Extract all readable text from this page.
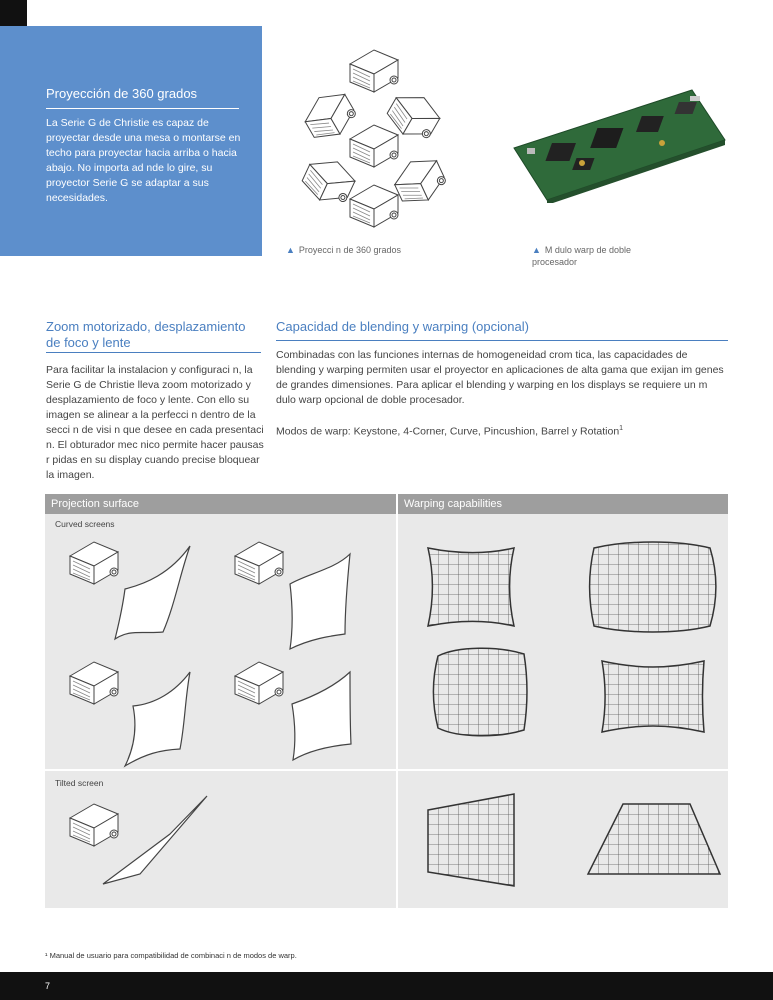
Proyección de 360 grados
La Serie G de Christie es capaz de proyectar desde una mesa o montarse en techo para proyectar hacia arriba o hacia abajo. No importa ad nde lo gire, su proyector Serie G se adaptar a sus necesidades.
▲ Proyecci n de 360 grados	▲ M dulo warp de doble procesador
Zoom motorizado, desplazamiento de foco y lente
Para facilitar la instalacion y configuraci n, la Serie G de Christie lleva zoom motorizado y desplazamiento de foco y lente. Con ello su imagen se alinear a la perfecci n dentro de la secci n de visi n que desee en cada presentaci n. El obturador mec nico permite hacer pausas r pidas en su display cuando precise bloquear la imagen.
Capacidad de blending y warping (opcional)
Combinadas con las funciones internas de homogeneidad crom tica, las capacidades de blending y warping permiten usar el proyector en aplicaciones de alta gama que exijan im genes de grandes dimensiones. Para aplicar el blending y warping en los displays se requiere un m dulo warp opcional de doble procesador.
Modos de warp: Keystone, 4-Corner, Curve, Pincushion, Barrel y Rotation$^1$
Projection surface	Warping capabilities
Curved screens
Tilted screen
¹ Manual de usuario para compatibilidad de combinaci n de modos de warp.
7
